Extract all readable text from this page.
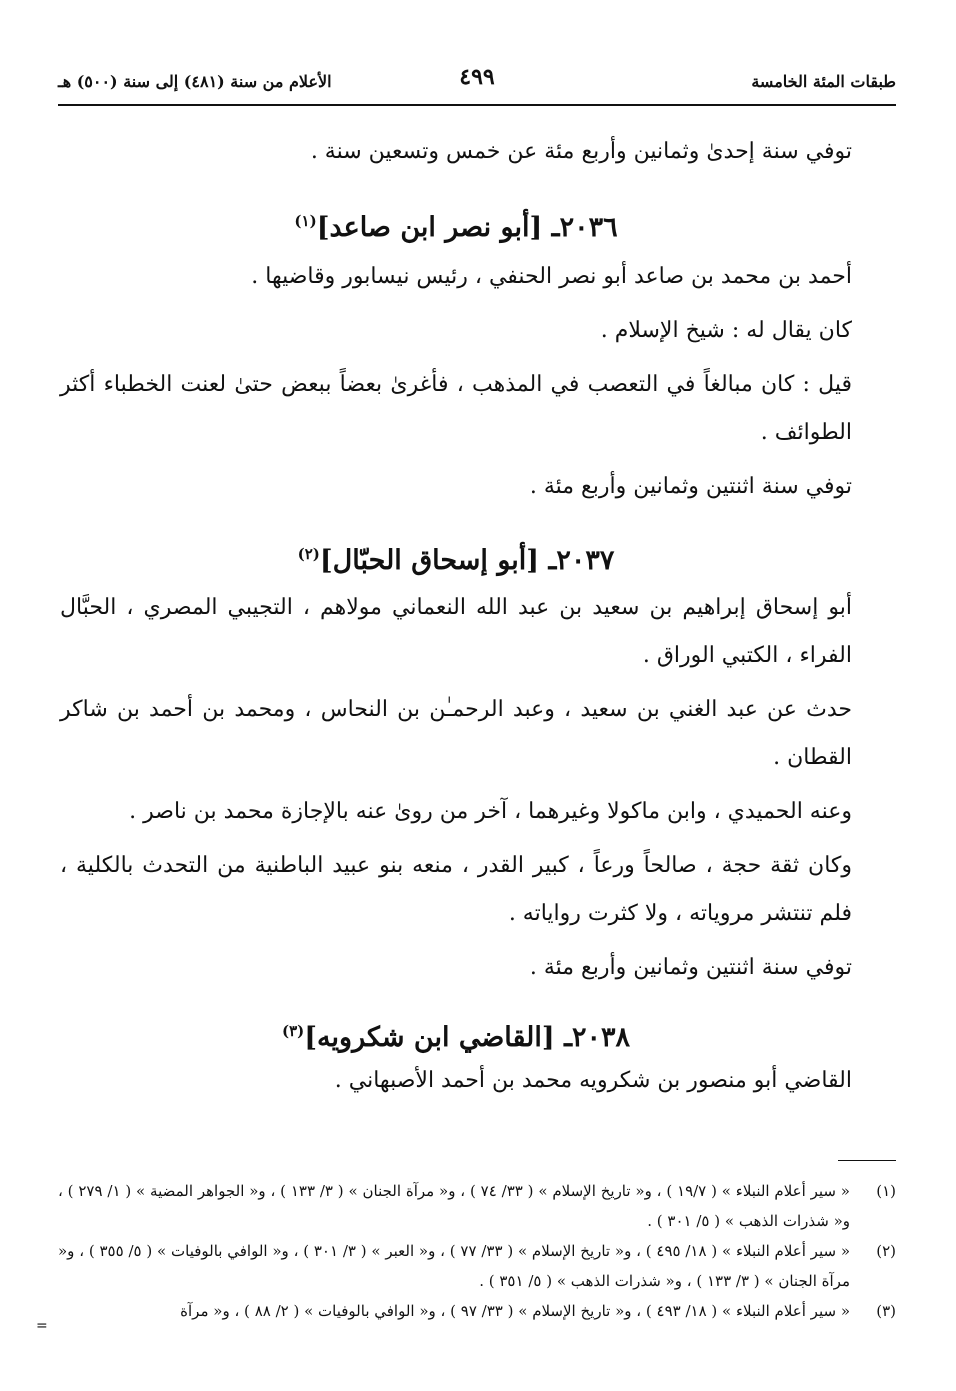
طبقات المئة الخامسة
٤٩٩
الأعلام من سنة (٤٨١) إلى سنة (٥٠٠) هـ

توفي سنة إحدىٰ وثمانين وأربع مئة عن خمس وتسعين سنة .

٢٠٣٦ـ [أبو نصر ابن صاعد]$^{(١)}$

أحمد بن محمد بن صاعد أبو نصر الحنفي ، رئيس نيسابور وقاضيها .

كان يقال له : شيخ الإسلام .

قيل : كان مبالغاً في التعصب في المذهب ، فأغرىٰ بعضاً ببعض حتىٰ لعنت الخطباء أكثر الطوائف .

توفي سنة اثنتين وثمانين وأربع مئة .

٢٠٣٧ـ [أبو إسحاق الحبّال]$^{(٢)}$

أبو إسحاق إبراهيم بن سعيد بن عبد الله النعماني مولاهم ، التجيبي المصري ، الحبَّال الفراء ، الكتبي الوراق .

حدث عن عبد الغني بن سعيد ، وعبد الرحمـٰن بن النحاس ، ومحمد بن أحمد بن شاكر القطان .

وعنه الحميدي ، وابن ماكولا وغيرهما ، آخر من روىٰ عنه بالإجازة محمد بن ناصر .

وكان ثقة حجة ، صالحاً ورعاً ، كبير القدر ، منعه بنو عبيد الباطنية من التحدث بالكلية ، فلم تنتشر مروياته ، ولا كثرت رواياته .

توفي سنة اثنتين وثمانين وأربع مئة .

٢٠٣٨ـ [القاضي ابن شكرويه]$^{(٣)}$

القاضي أبو منصور بن شكرويه محمد بن أحمد الأصبهاني .

(١)
« سير أعلام النبلاء » ( ١٩/٧ ) ، و« تاريخ الإسلام » ( ٣٣/ ٧٤ ) ، و« مرآة الجنان » ( ٣/ ١٣٣ ) ، و« الجواهر المضية » ( ١/ ٢٧٩ ) ، و« شذرات الذهب » ( ٥/ ٣٠١ ) .
(٢)
« سير أعلام النبلاء » ( ١٨/ ٤٩٥ ) ، و« تاريخ الإسلام » ( ٣٣/ ٧٧ ) ، و« العبر » ( ٣/ ٣٠١ ) ، و« الوافي بالوفيات » ( ٥/ ٣٥٥ ) ، و« مرآة الجنان » ( ٣/ ١٣٣ ) ، و« شذرات الذهب » ( ٥/ ٣٥١ ) .
(٣)
« سير أعلام النبلاء » ( ١٨/ ٤٩٣ ) ، و« تاريخ الإسلام » ( ٣٣/ ٩٧ ) ، و« الوافي بالوفيات » ( ٢/ ٨٨ ) ، و« مرآة
=
